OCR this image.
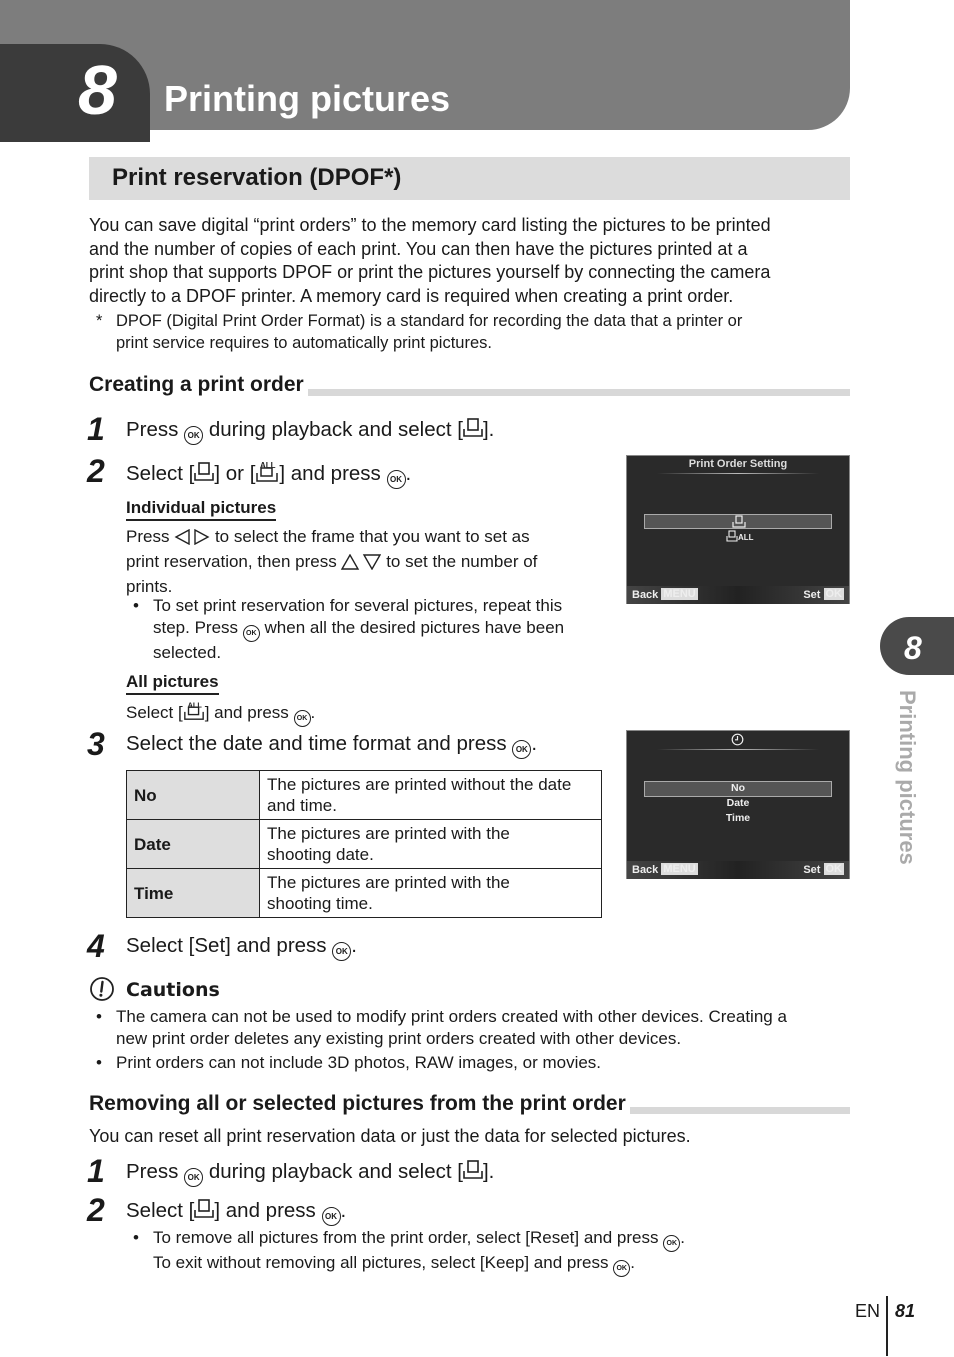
8 Printing pictures
Print reservation (DPOF*)
You can save digital “print orders” to the memory card listing the pictures to be printed
and the number of copies of each print. You can then have the pictures printed at a
print shop that supports DPOF or print the pictures yourself by connecting the camera
directly to a DPOF printer. A memory card is required when creating a print order.
* DPOF (Digital Print Order Format) is a standard for recording the data that a printer or
print service requires to automatically print pictures.
Creating a print order
1 Press OK during playback and select [ ].
2 Select [ ] or [ ALL ] and press OK .
Individual pictures
Press	to select the frame that you want to set as
print reservation, then press	to set the number of
prints.
• To set print reservation for several pictures, repeat this
step. Press OK when all the desired pictures have been
selected.
All pictures
Select [ ALL ] and press OK .
3 Select the date and time format and press OK .
No	The pictures are printed without the date
and time.

Date	The pictures are printed with the
shooting date.

Time	The pictures are printed with the
shooting time.
4 Select [Set] and press OK .
Print Order Setting
ALL
Back MENU	Set OK
No
Date
Time
Back MENU	Set OK
Cautions
• The camera can not be used to modify print orders created with other devices. Creating a
new print order deletes any existing print orders created with other devices.
• Print orders can not include 3D photos, RAW images, or movies.
Removing all or selected pictures from the print order
You can reset all print reservation data or just the data for selected pictures.
1 Press OK during playback and select [ ].
2 Select [ ] and press OK .
• To remove all pictures from the print order, select [Reset] and press OK .
To exit without removing all pictures, select [Keep] and press OK .
8
Printing pictures
EN 81
